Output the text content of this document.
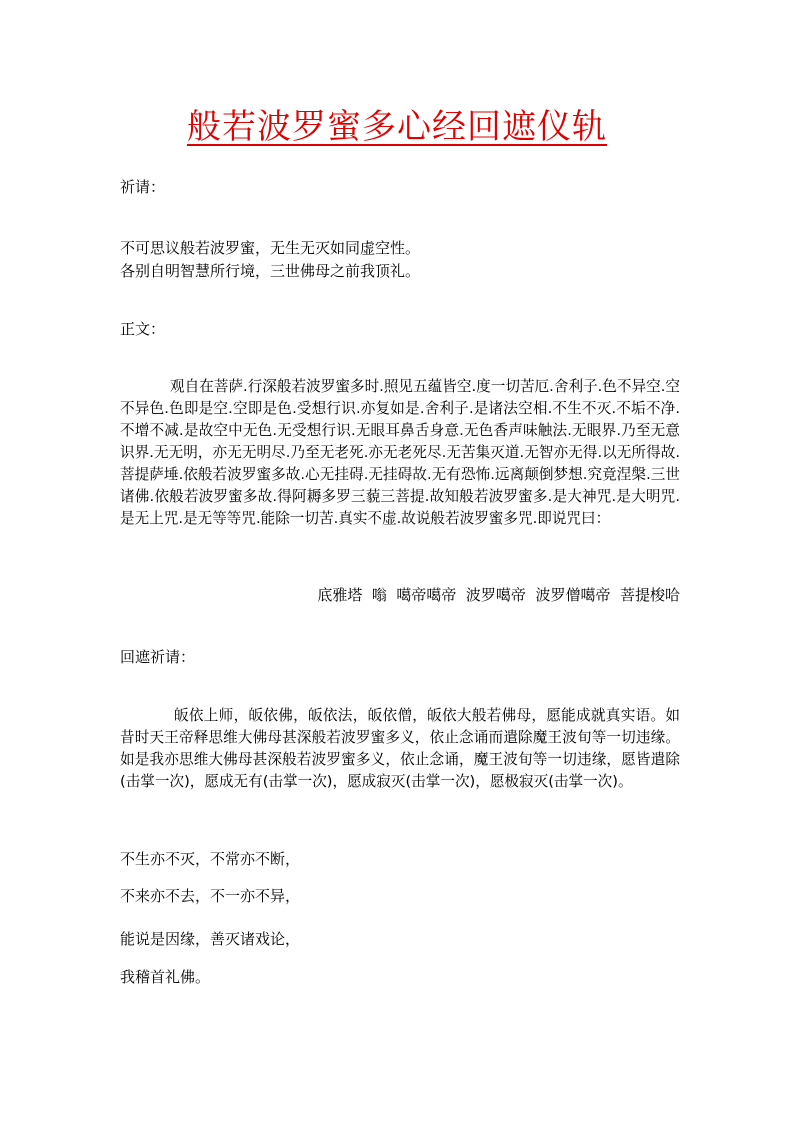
般若波罗蜜多心经回遮仪轨
祈请：
不可思议般若波罗蜜，无生无灭如同虚空性。
各别自明智慧所行境，三世佛母之前我顶礼。
正文：
观自在菩萨.行深般若波罗蜜多时.照见五蕴皆空.度一切苦厄.舍利子.色不异空.空不异色.色即是空.空即是色.受想行识.亦复如是.舍利子.是诸法空相.不生不灭.不垢不净.不增不减.是故空中无色.无受想行识.无眼耳鼻舌身意.无色香声味触法.无眼界.乃至无意识界.无无明，亦无无明尽.乃至无老死.亦无老死尽.无苦集灭道.无智亦无得.以无所得故.菩提萨埵.依般若波罗蜜多故.心无挂碍.无挂碍故.无有恐怖.远离颠倒梦想.究竟涅槃.三世诸佛.依般若波罗蜜多故.得阿耨多罗三藐三菩提.故知般若波罗蜜多.是大神咒.是大明咒.是无上咒.是无等等咒.能除一切苦.真实不虚.故说般若波罗蜜多咒.即说咒曰：
底雅塔  嗡  噶帝噶帝  波罗噶帝  波罗僧噶帝  菩提梭哈
回遮祈请：
皈依上师，皈依佛，皈依法，皈依僧，皈依大般若佛母，愿能成就真实语。如昔时天王帝释思维大佛母甚深般若波罗蜜多义，依止念诵而遣除魔王波旬等一切违缘。如是我亦思维大佛母甚深般若波罗蜜多义，依止念诵，魔王波旬等一切违缘，愿皆遣除(击掌一次)，愿成无有(击掌一次)，愿成寂灭(击掌一次)，愿极寂灭(击掌一次)。
不生亦不灭，不常亦不断，
不来亦不去，不一亦不异，
能说是因缘，善灭诸戏论，
我稽首礼佛。
